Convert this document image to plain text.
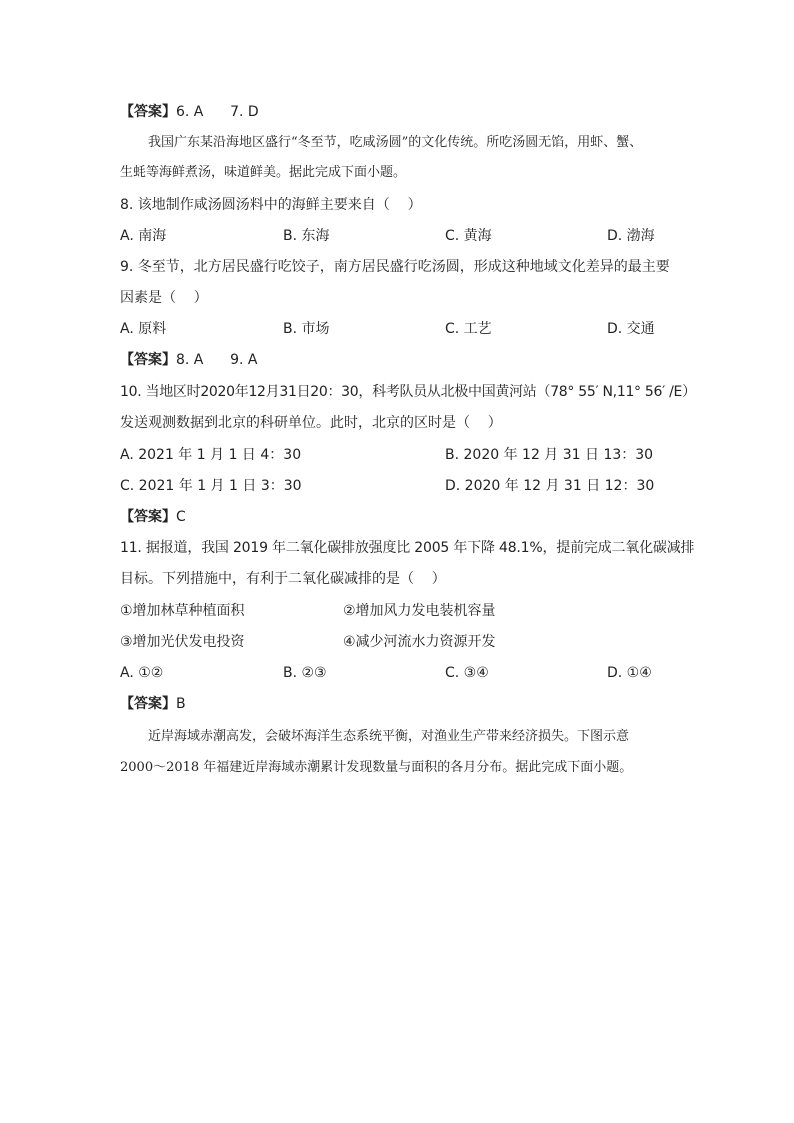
【答案】6. A      7. D
我国广东某沿海地区盛行“冬至节，吃咸汤圆”的文化传统。所吃汤圆无馅，用虾、蟹、
生蚝等海鲜煮汤，味道鲜美。据此完成下面小题。
8. 该地制作咸汤圆汤料中的海鲜主要来自（    ）
A. 南海	B. 东海	C. 黄海	D. 渤海
9. 冬至节，北方居民盛行吃饺子，南方居民盛行吃汤圆，形成这种地域文化差异的最主要
因素是（    ）
A. 原料	B. 市场	C. 工艺	D. 交通
【答案】8. A      9. A
10. 当地区时2020年12月31日20：30，科考队员从北极中国黄河站（78° 55′ N,11° 56′ /E）
发送观测数据到北京的科研单位。此时，北京的区时是（    ）
A. 2021 年 1 月 1 日 4：30	B. 2020 年 12 月 31 日 13：30
C. 2021 年 1 月 1 日 3：30	D. 2020 年 12 月 31 日 12：30
【答案】C
11. 据报道，我国 2019 年二氧化碳排放强度比 2005 年下降 48.1%，提前完成二氧化碳减排
目标。下列措施中，有利于二氧化碳减排的是（    ）
①增加林草种植面积	②增加风力发电装机容量
③增加光伏发电投资	④减少河流水力资源开发
A. ①②	B. ②③	C. ③④	D. ①④
【答案】B
近岸海域赤潮高发，会破坏海洋生态系统平衡，对渔业生产带来经济损失。下图示意
2000～2018 年福建近岸海域赤潮累计发现数量与面积的各月分布。据此完成下面小题。
